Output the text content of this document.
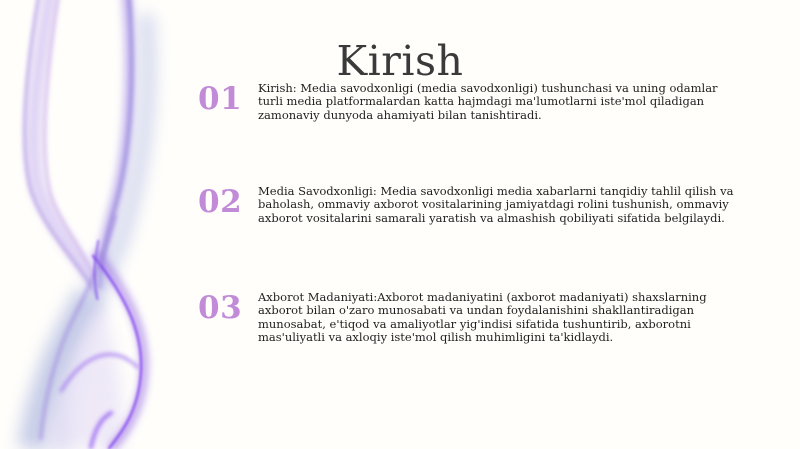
Kirish
01	Kirish: Media savodxonligi (media savodxonligi) tushunchasi va uning odamlar turli media platformalardan katta hajmdagi ma'lumotlarni iste'mol qiladigan zamonaviy dunyoda ahamiyati bilan tanishtiradi.
02	Media Savodxonligi: Media savodxonligi media xabarlarni tanqidiy tahlil qilish va baholash, ommaviy axborot vositalarining jamiyatdagi rolini tushunish, ommaviy axborot vositalarini samarali yaratish va almashish qobiliyati sifatida belgilaydi.
03	Axborot Madaniyati:Axborot madaniyatini (axborot madaniyati) shaxslarning axborot bilan o'zaro munosabati va undan foydalanishini shakllantiradigan munosabat, e'tiqod va amaliyotlar yig'indisi sifatida tushuntirib, axborotni mas'uliyatli va axloqiy iste'mol qilish muhimligini ta'kidlaydi.
